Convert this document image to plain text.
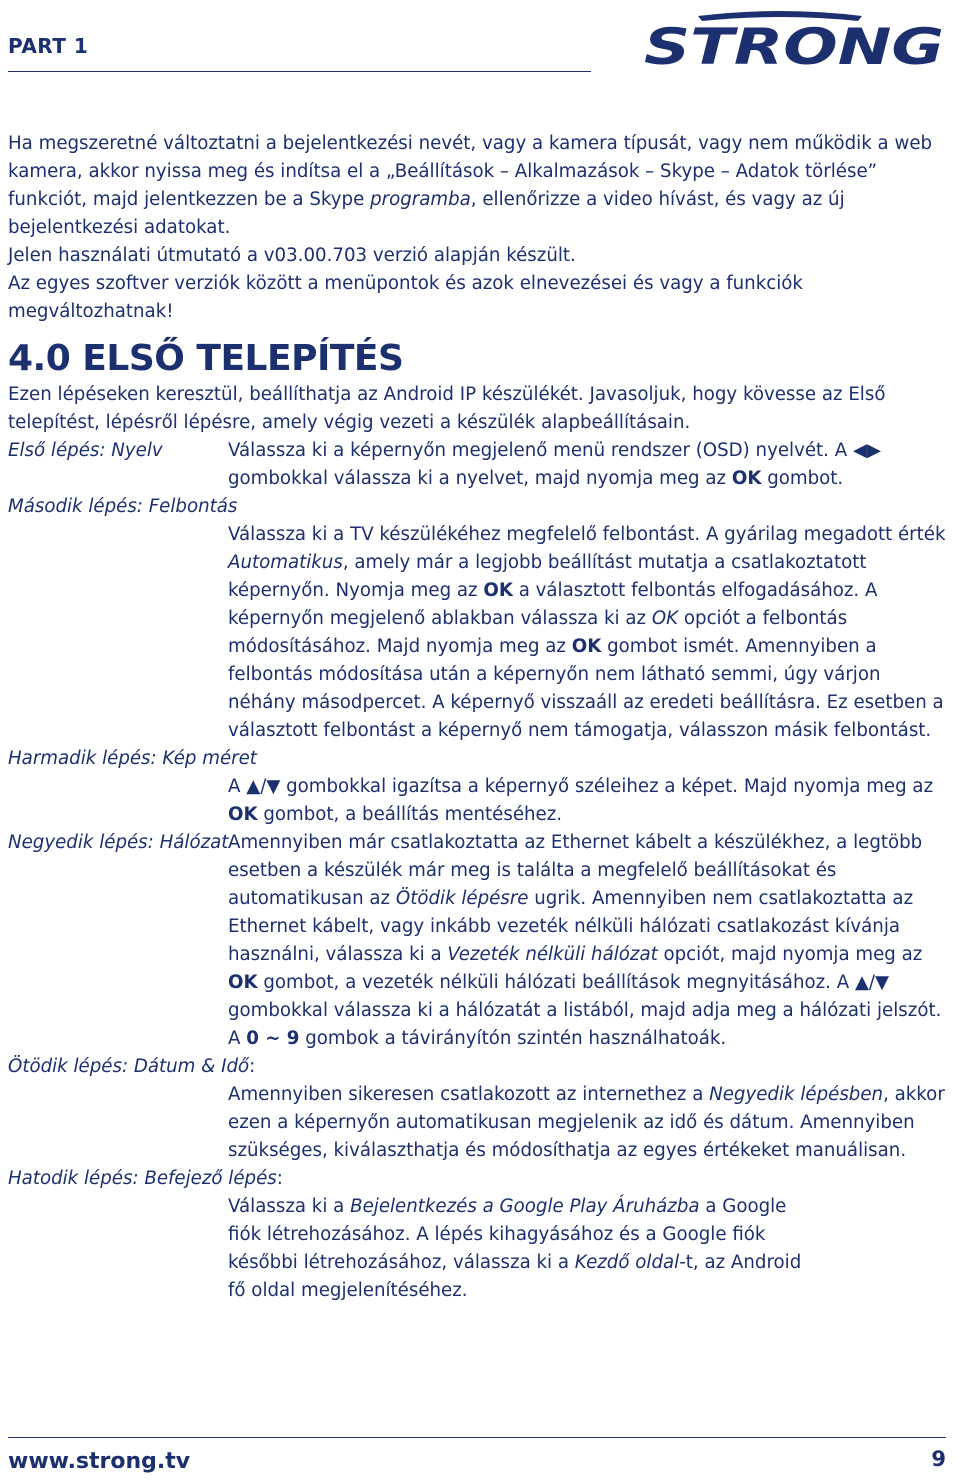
PART 1	STRONG

Ha megszeretné változtatni a bejelentkezési nevét, vagy a kamera típusát, vagy nem működik a web kamera, akkor nyissa meg és indítsa el a „Beállítások – Alkalmazások – Skype – Adatok törlése” funkciót, majd jelentkezzen be a Skype programba, ellenőrizze a video hívást, és vagy az új bejelentkezési adatokat.

Jelen használati útmutató a v03.00.703 verzió alapján készült.

Az egyes szoftver verziók között a menüpontok és azok elnevezései és vagy a funkciók megváltozhatnak!

4.0 ELSŐ TELEPÍTÉS

Ezen lépéseken keresztül, beállíthatja az Android IP készülékét. Javasoljuk, hogy kövesse az Első telepítést, lépésről lépésre, amely végig vezeti a készülék alapbeállításain.

Első lépés: Nyelv	Válassza ki a képernyőn megjelenő menü rendszer (OSD) nyelvét. A ◀▶ gombokkal válassza ki a nyelvet, majd nyomja meg az OK gombot.
Második lépés: Felbontás
Válassza ki a TV készülékéhez megfelelő felbontást. A gyárilag megadott érték Automatikus, amely már a legjobb beállítást mutatja a csatlakoztatott képernyőn. Nyomja meg az OK a választott felbontás elfogadásához. A képernyőn megjelenő ablakban válassza ki az OK opciót a felbontás módosításához. Majd nyomja meg az OK gombot ismét. Amennyiben a felbontás módosítása után a képernyőn nem látható semmi, úgy várjon néhány másodpercet. A képernyő visszaáll az eredeti beállításra. Ez esetben a választott felbontást a képernyő nem támogatja, válasszon másik felbontást.
Harmadik lépés: Kép méret
A ▲/▼ gombokkal igazítsa a képernyő széleihez a képet. Majd nyomja meg az OK gombot, a beállítás mentéséhez.
Negyedik lépés: Hálózat Amennyiben már csatlakoztatta az Ethernet kábelt a készülékhez, a legtöbb esetben a készülék már meg is találta a megfelelő beállításokat és automatikusan az Ötödik lépésre ugrik. Amennyiben nem csatlakoztatta az Ethernet kábelt, vagy inkább vezeték nélküli hálózati csatlakozást kívánja használni, válassza ki a Vezeték nélküli hálózat opciót, majd nyomja meg az OK gombot, a vezeték nélküli hálózati beállítások megnyitásához. A ▲/▼ gombokkal válassza ki a hálózatát a listából, majd adja meg a hálózati jelszót. A 0 ~ 9 gombok a távirányítón szintén használhatoák.
Ötödik lépés: Dátum & Idő:
Amennyiben sikeresen csatlakozott az internethez a Negyedik lépésben, akkor ezen a képernyőn automatikusan megjelenik az idő és dátum. Amennyiben szükséges, kiválaszthatja és módosíthatja az egyes értékeket manuálisan.
Hatodik lépés: Befejező lépés:
Válassza ki a Bejelentkezés a Google Play Áruházba a Google fiók létrehozásához. A lépés kihagyásához és a Google fiók későbbi létrehozásához, válassza ki a Kezdő oldal-t, az Android fő oldal megjelenítéséhez.
www.strong.tv	9
